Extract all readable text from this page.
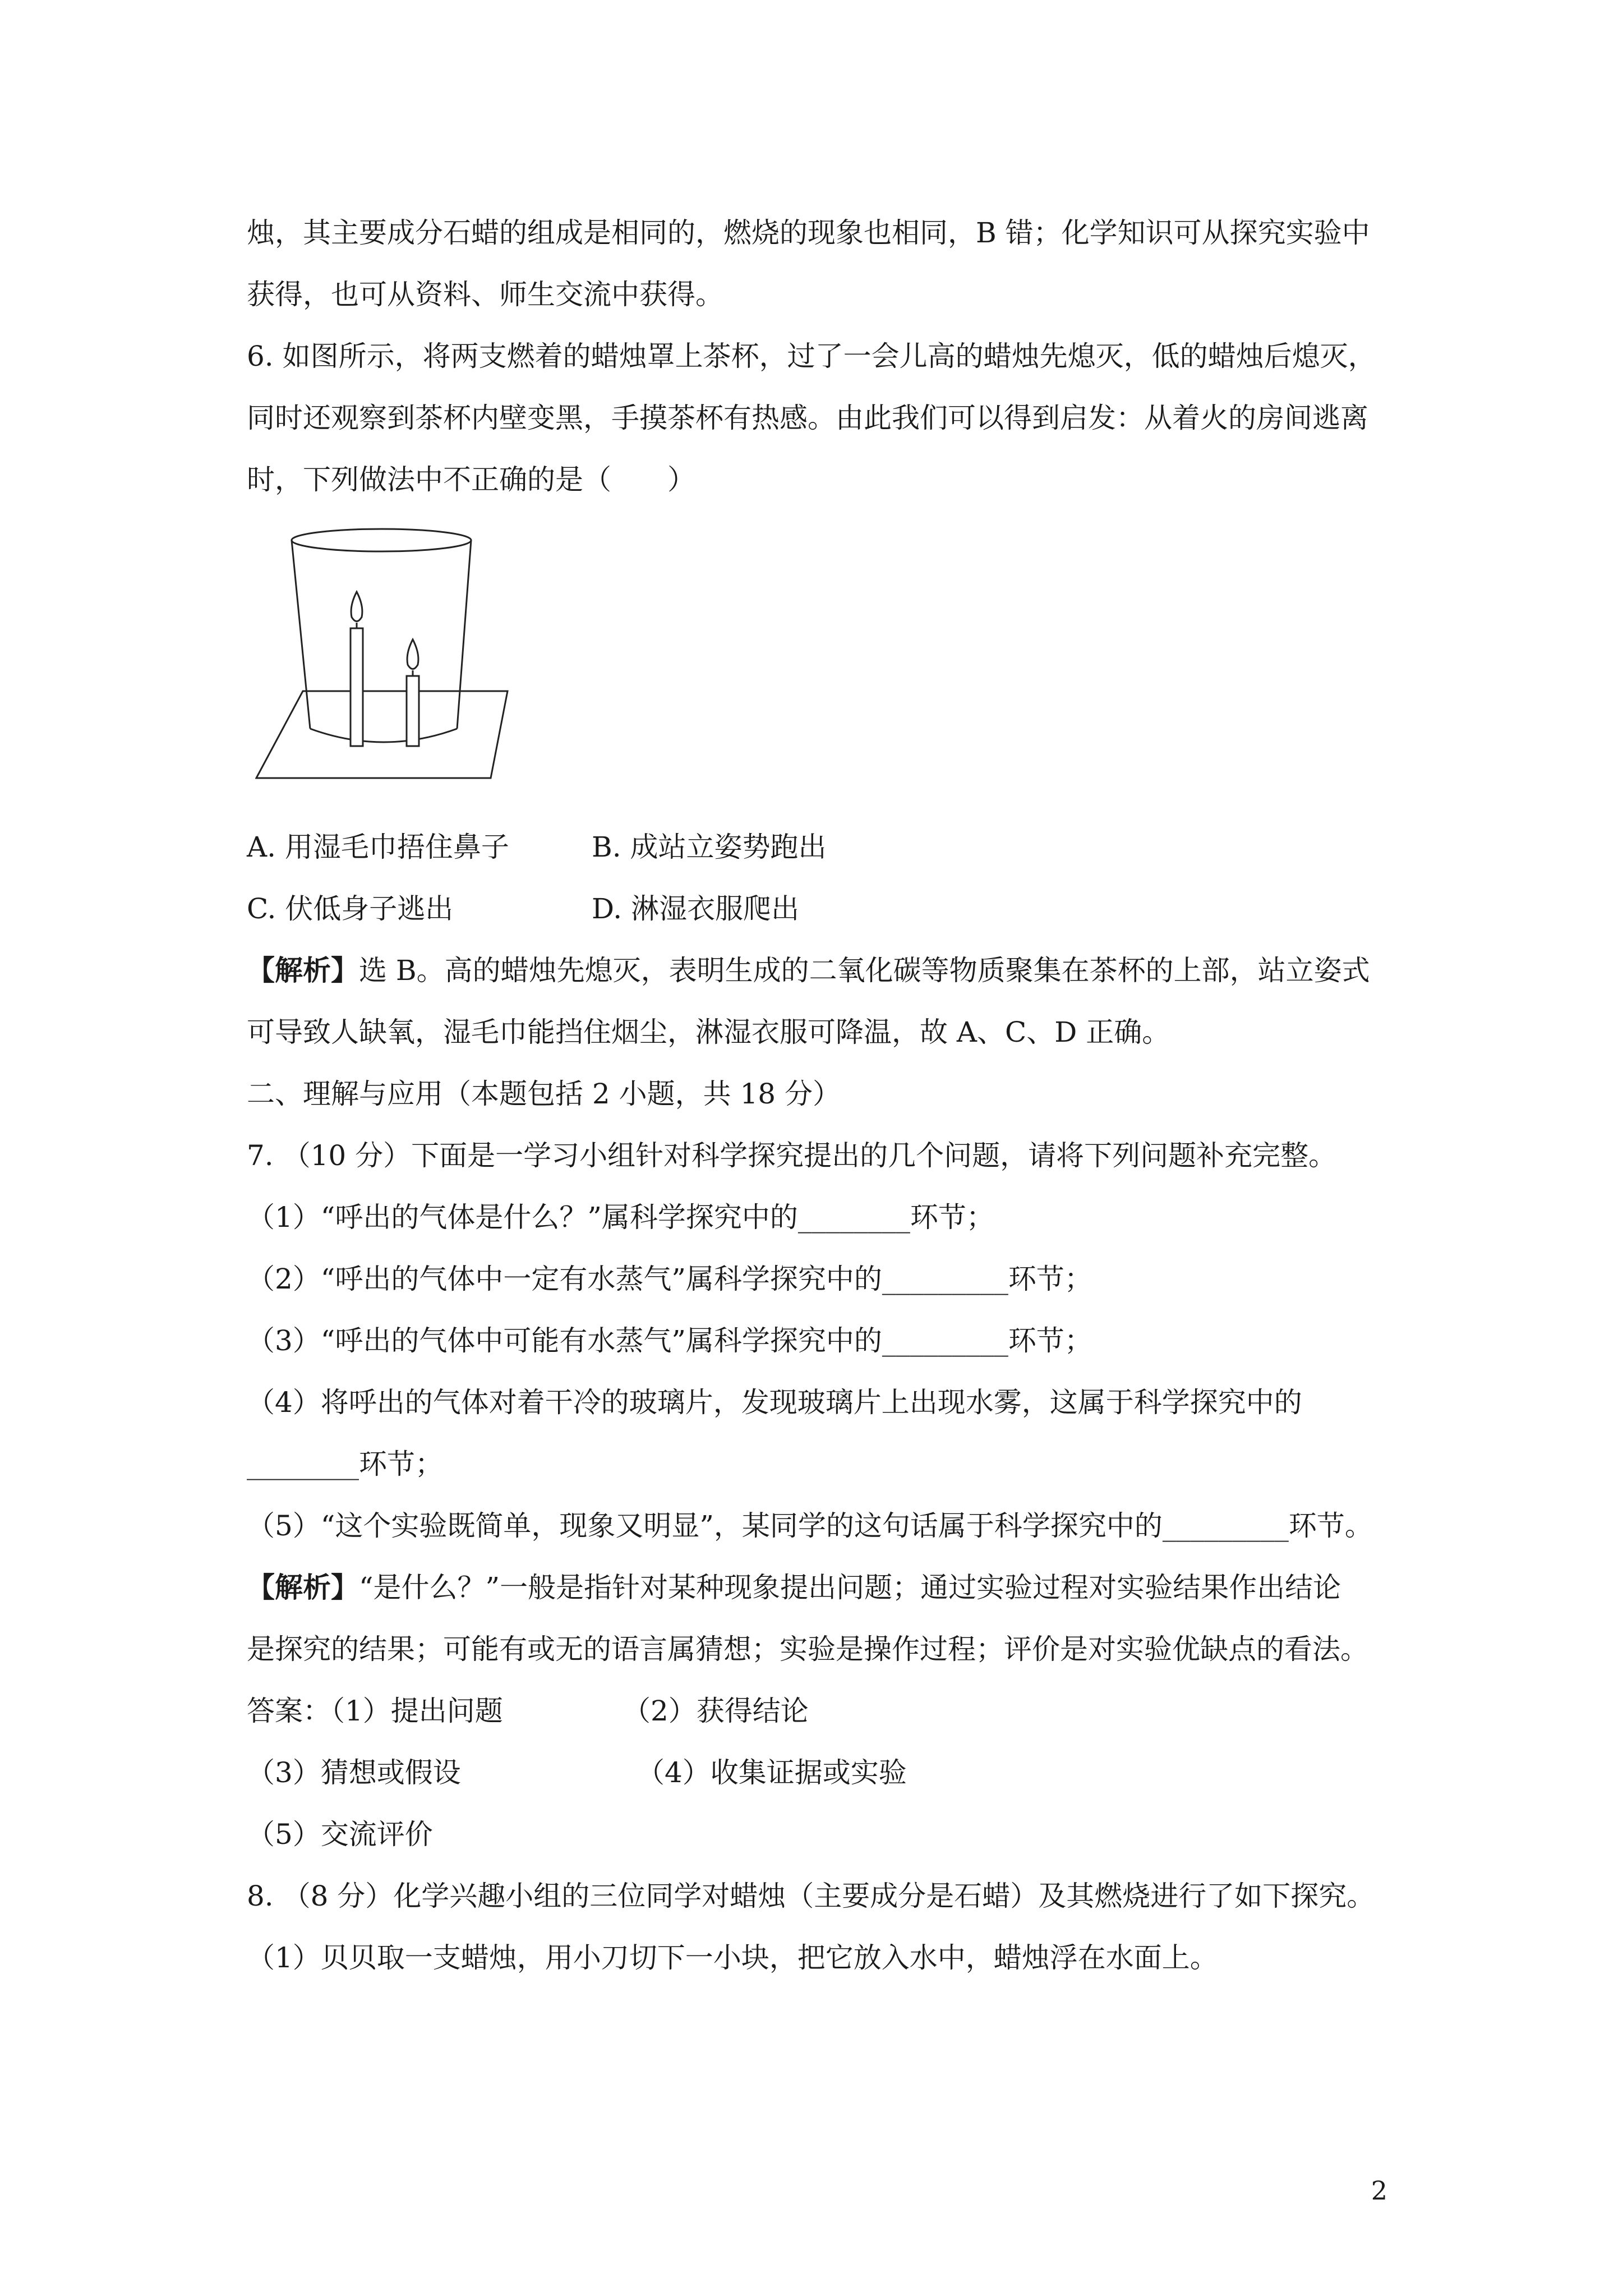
烛，其主要成分石蜡的组成是相同的，燃烧的现象也相同，B 错；化学知识可从探究实验中
获得，也可从资料、师生交流中获得。
6. 如图所示，将两支燃着的蜡烛罩上茶杯，过了一会儿高的蜡烛先熄灭，低的蜡烛后熄灭，
同时还观察到茶杯内壁变黑，手摸茶杯有热感。由此我们可以得到启发：从着火的房间逃离
时，下列做法中不正确的是（　　）
A. 用湿毛巾捂住鼻子	B. 成站立姿势跑出
C. 伏低身子逃出	D. 淋湿衣服爬出
【解析】选 B。高的蜡烛先熄灭，表明生成的二氧化碳等物质聚集在茶杯的上部，站立姿式
可导致人缺氧，湿毛巾能挡住烟尘，淋湿衣服可降温，故 A、C、D 正确。
二、理解与应用（本题包括 2 小题，共 18 分）
7. （10 分）下面是一学习小组针对科学探究提出的几个问题，请将下列问题补充完整。
（1）“呼出的气体是什么？”属科学探究中的________环节；
（2）“呼出的气体中一定有水蒸气”属科学探究中的_________环节；
（3）“呼出的气体中可能有水蒸气”属科学探究中的_________环节；
（4）将呼出的气体对着干冷的玻璃片，发现玻璃片上出现水雾，这属于科学探究中的
________环节；
（5）“这个实验既简单，现象又明显”，某同学的这句话属于科学探究中的_________环节。
【解析】“是什么？”一般是指针对某种现象提出问题；通过实验过程对实验结果作出结论
是探究的结果；可能有或无的语言属猜想；实验是操作过程；评价是对实验优缺点的看法。
答案：（1）提出问题	（2）获得结论
（3）猜想或假设	（4）收集证据或实验
（5）交流评价
8. （8 分）化学兴趣小组的三位同学对蜡烛（主要成分是石蜡）及其燃烧进行了如下探究。
（1）贝贝取一支蜡烛，用小刀切下一小块，把它放入水中，蜡烛浮在水面上。
2
